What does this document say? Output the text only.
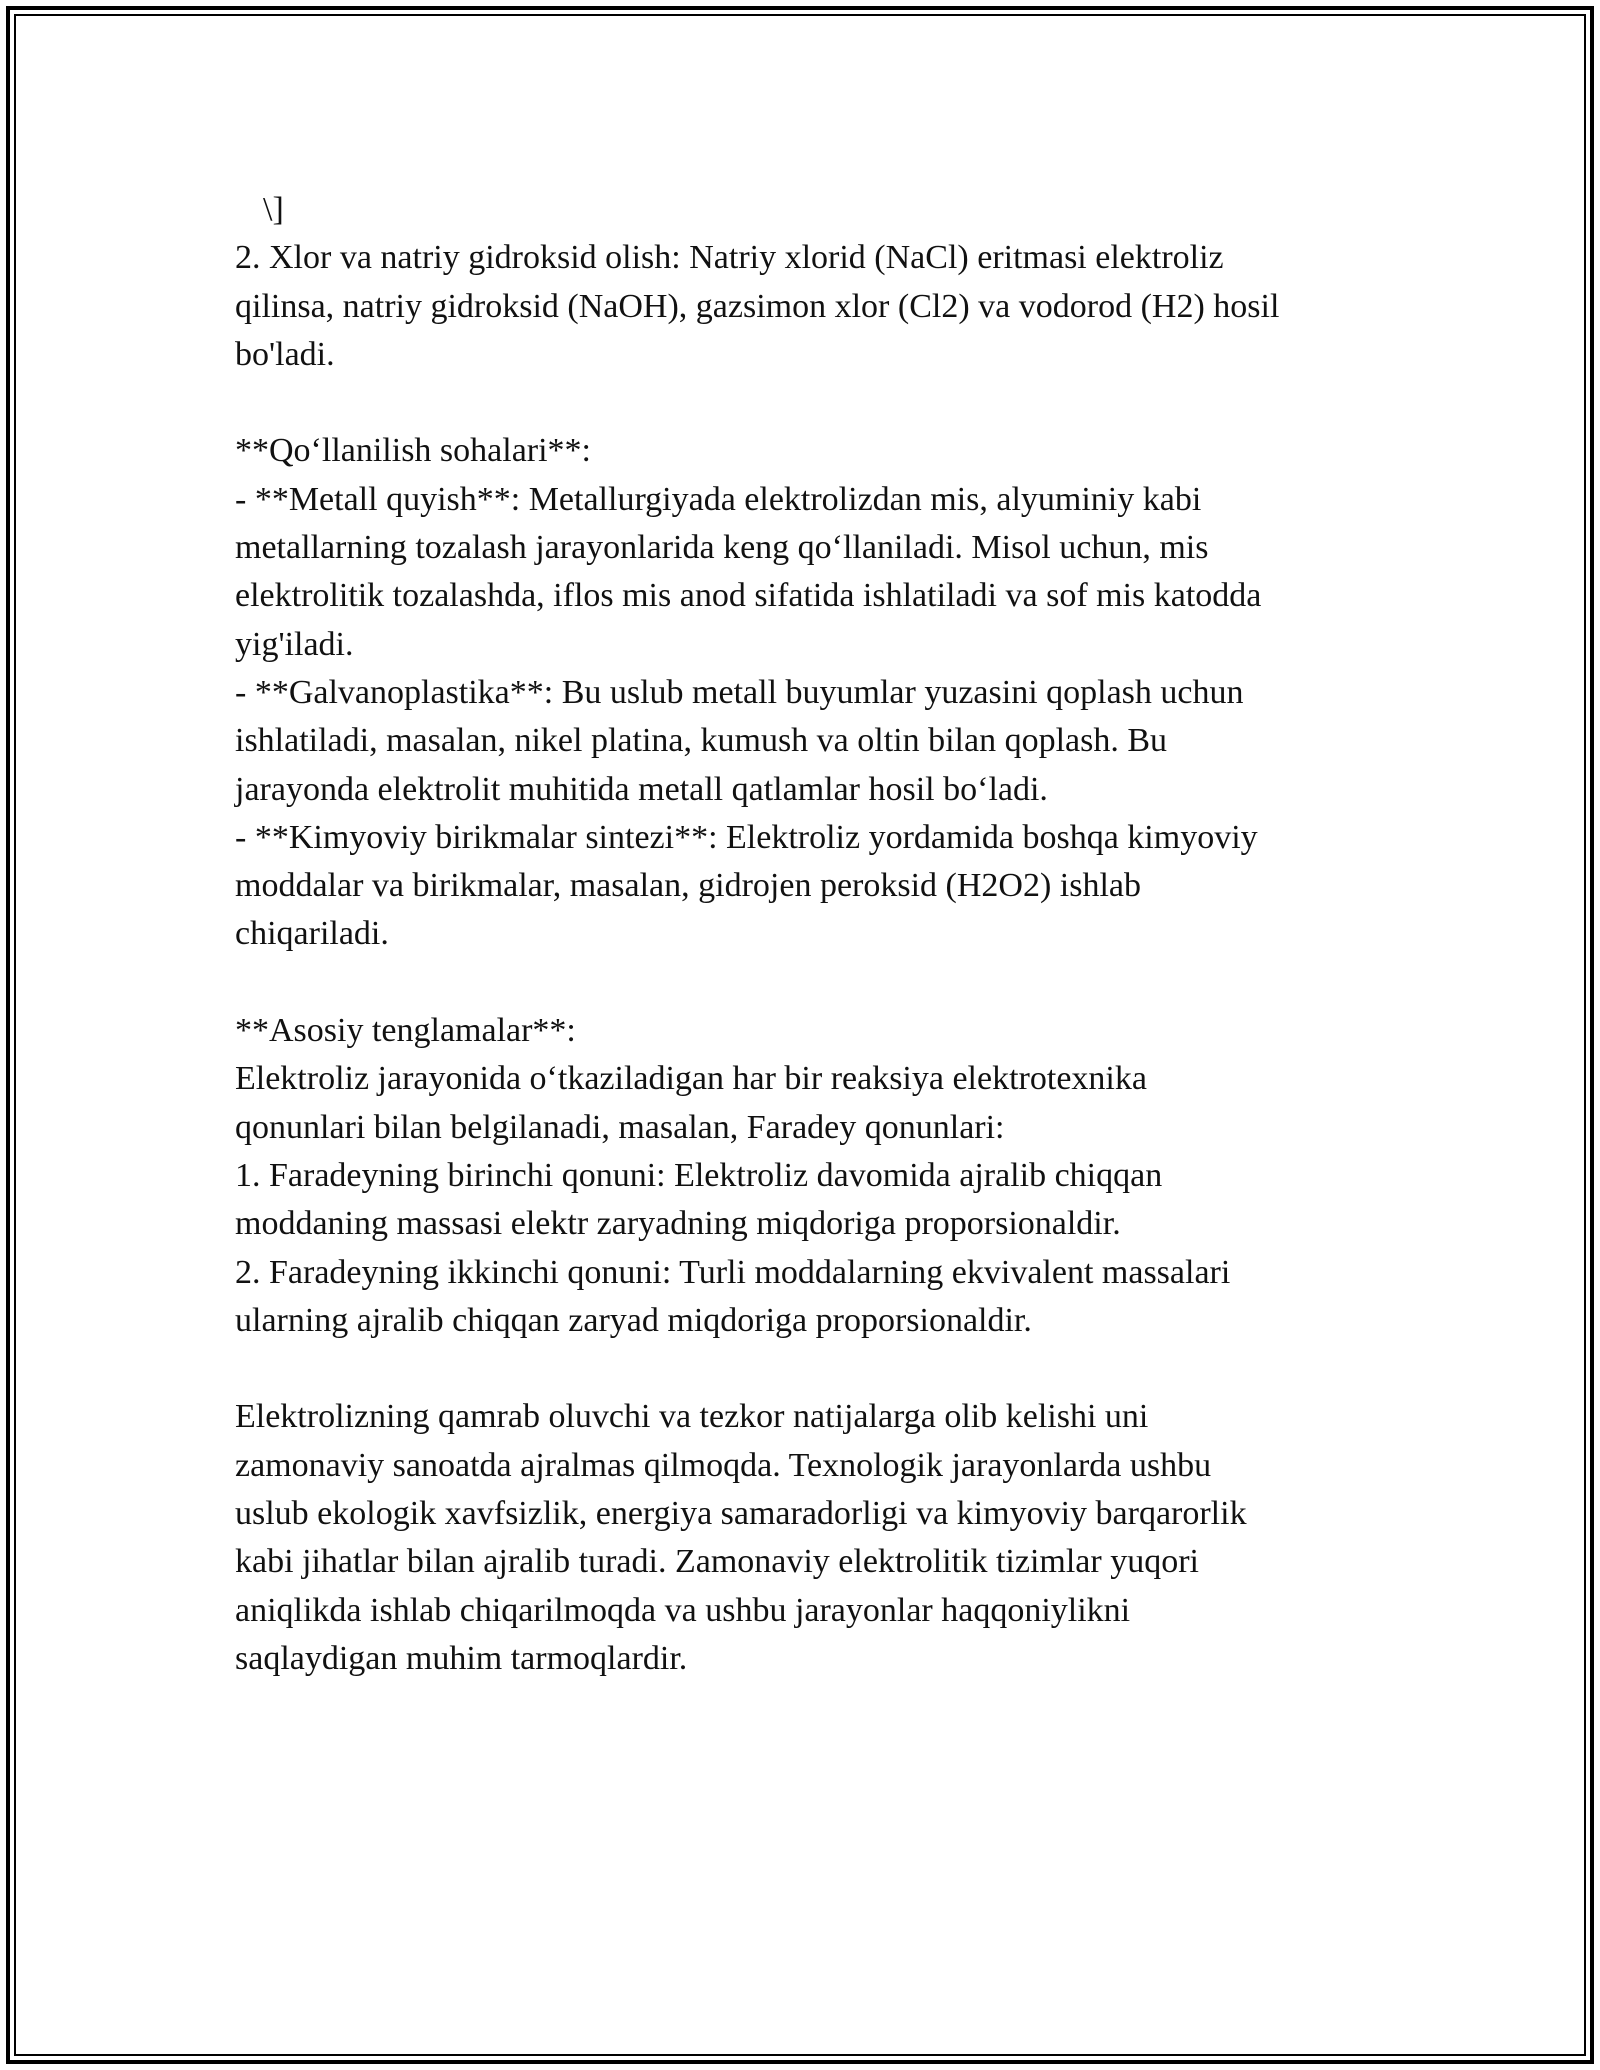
\]
2. Xlor va natriy gidroksid olish: Natriy xlorid (NaCl) eritmasi elektroliz
qilinsa, natriy gidroksid (NaOH), gazsimon xlor (Cl2) va vodorod (H2) hosil
bo'ladi.
**Qo‘llanilish sohalari**:
- **Metall quyish**: Metallurgiyada elektrolizdan mis, alyuminiy kabi
metallarning tozalash jarayonlarida keng qo‘llaniladi. Misol uchun, mis
elektrolitik tozalashda, iflos mis anod sifatida ishlatiladi va sof mis katodda
yig'iladi.
- **Galvanoplastika**: Bu uslub metall buyumlar yuzasini qoplash uchun
ishlatiladi, masalan, nikel platina, kumush va oltin bilan qoplash. Bu
jarayonda elektrolit muhitida metall qatlamlar hosil bo‘ladi.
- **Kimyoviy birikmalar sintezi**: Elektroliz yordamida boshqa kimyoviy
moddalar va birikmalar, masalan, gidrojen peroksid (H2O2) ishlab
chiqariladi.
**Asosiy tenglamalar**:
Elektroliz jarayonida o‘tkaziladigan har bir reaksiya elektrotexnika
qonunlari bilan belgilanadi, masalan, Faradey qonunlari:
1. Faradeyning birinchi qonuni: Elektroliz davomida ajralib chiqqan
moddaning massasi elektr zaryadning miqdoriga proporsionaldir.
2. Faradeyning ikkinchi qonuni: Turli moddalarning ekvivalent massalari
ularning ajralib chiqqan zaryad miqdoriga proporsionaldir.
Elektrolizning qamrab oluvchi va tezkor natijalarga olib kelishi uni
zamonaviy sanoatda ajralmas qilmoqda. Texnologik jarayonlarda ushbu
uslub ekologik xavfsizlik, energiya samaradorligi va kimyoviy barqarorlik
kabi jihatlar bilan ajralib turadi. Zamonaviy elektrolitik tizimlar yuqori
aniqlikda ishlab chiqarilmoqda va ushbu jarayonlar haqqoniylikni
saqlaydigan muhim tarmoqlardir.
